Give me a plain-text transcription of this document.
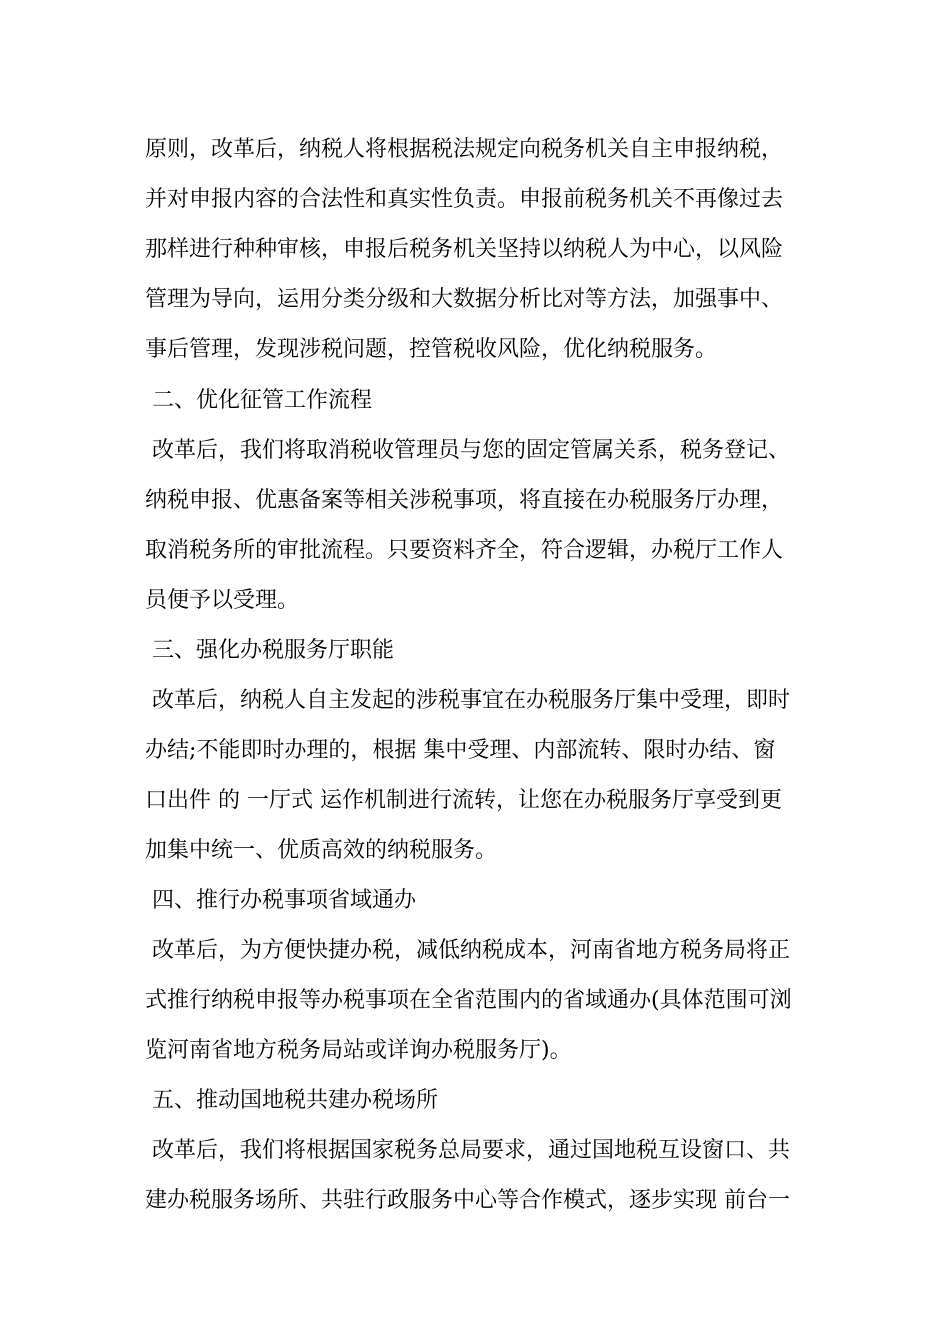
原则，改革后，纳税人将根据税法规定向税务机关自主申报纳税，
并对申报内容的合法性和真实性负责。申报前税务机关不再像过去
那样进行种种审核，申报后税务机关坚持以纳税人为中心，以风险
管理为导向，运用分类分级和大数据分析比对等方法，加强事中、
事后管理，发现涉税问题，控管税收风险，优化纳税服务。
二、优化征管工作流程
改革后，我们将取消税收管理员与您的固定管属关系，税务登记、
纳税申报、优惠备案等相关涉税事项，将直接在办税服务厅办理，
取消税务所的审批流程。只要资料齐全，符合逻辑，办税厅工作人
员便予以受理。
三、强化办税服务厅职能
改革后，纳税人自主发起的涉税事宜在办税服务厅集中受理，即时
办结;不能即时办理的，根据 集中受理、内部流转、限时办结、窗
口出件 的 一厅式 运作机制进行流转，让您在办税服务厅享受到更
加集中统一、优质高效的纳税服务。
四、推行办税事项省域通办
改革后，为方便快捷办税，减低纳税成本，河南省地方税务局将正
式推行纳税申报等办税事项在全省范围内的省域通办(具体范围可浏
览河南省地方税务局站或详询办税服务厅)。
五、推动国地税共建办税场所
改革后，我们将根据国家税务总局要求，通过国地税互设窗口、共
建办税服务场所、共驻行政服务中心等合作模式，逐步实现 前台一
